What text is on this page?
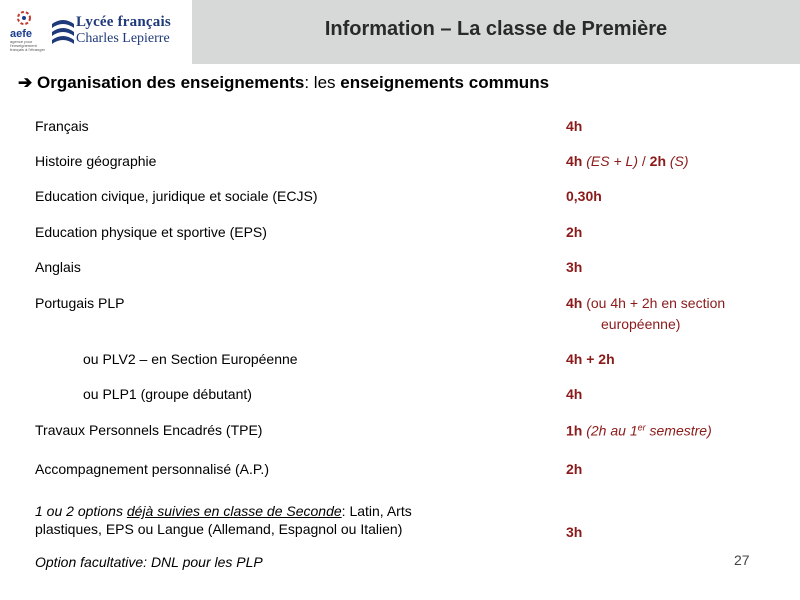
aefe
agence pour l'enseignement français à l'étranger
Lycée français
Charles Lepierre	Information – La classe de Première
➔ Organisation des enseignements: les enseignements communs
Français	4h
Histoire géographie	4h (ES + L) / 2h (S)
Education civique, juridique et sociale (ECJS)	0,30h
Education physique et sportive (EPS)	2h
Anglais	3h
Portugais PLP	4h (ou 4h + 2h en section
européenne)
ou PLV2 – en Section Européenne	4h + 2h
ou PLP1 (groupe débutant)	4h
Travaux Personnels Encadrés (TPE)	1h (2h au 1er semestre)
Accompagnement personnalisé (A.P.)	2h
1 ou 2 options déjà suivies en classe de Seconde: Latin, Arts
plastiques, EPS ou Langue (Allemand, Espagnol ou Italien)	3h
Option facultative: DNL pour les PLP	27
